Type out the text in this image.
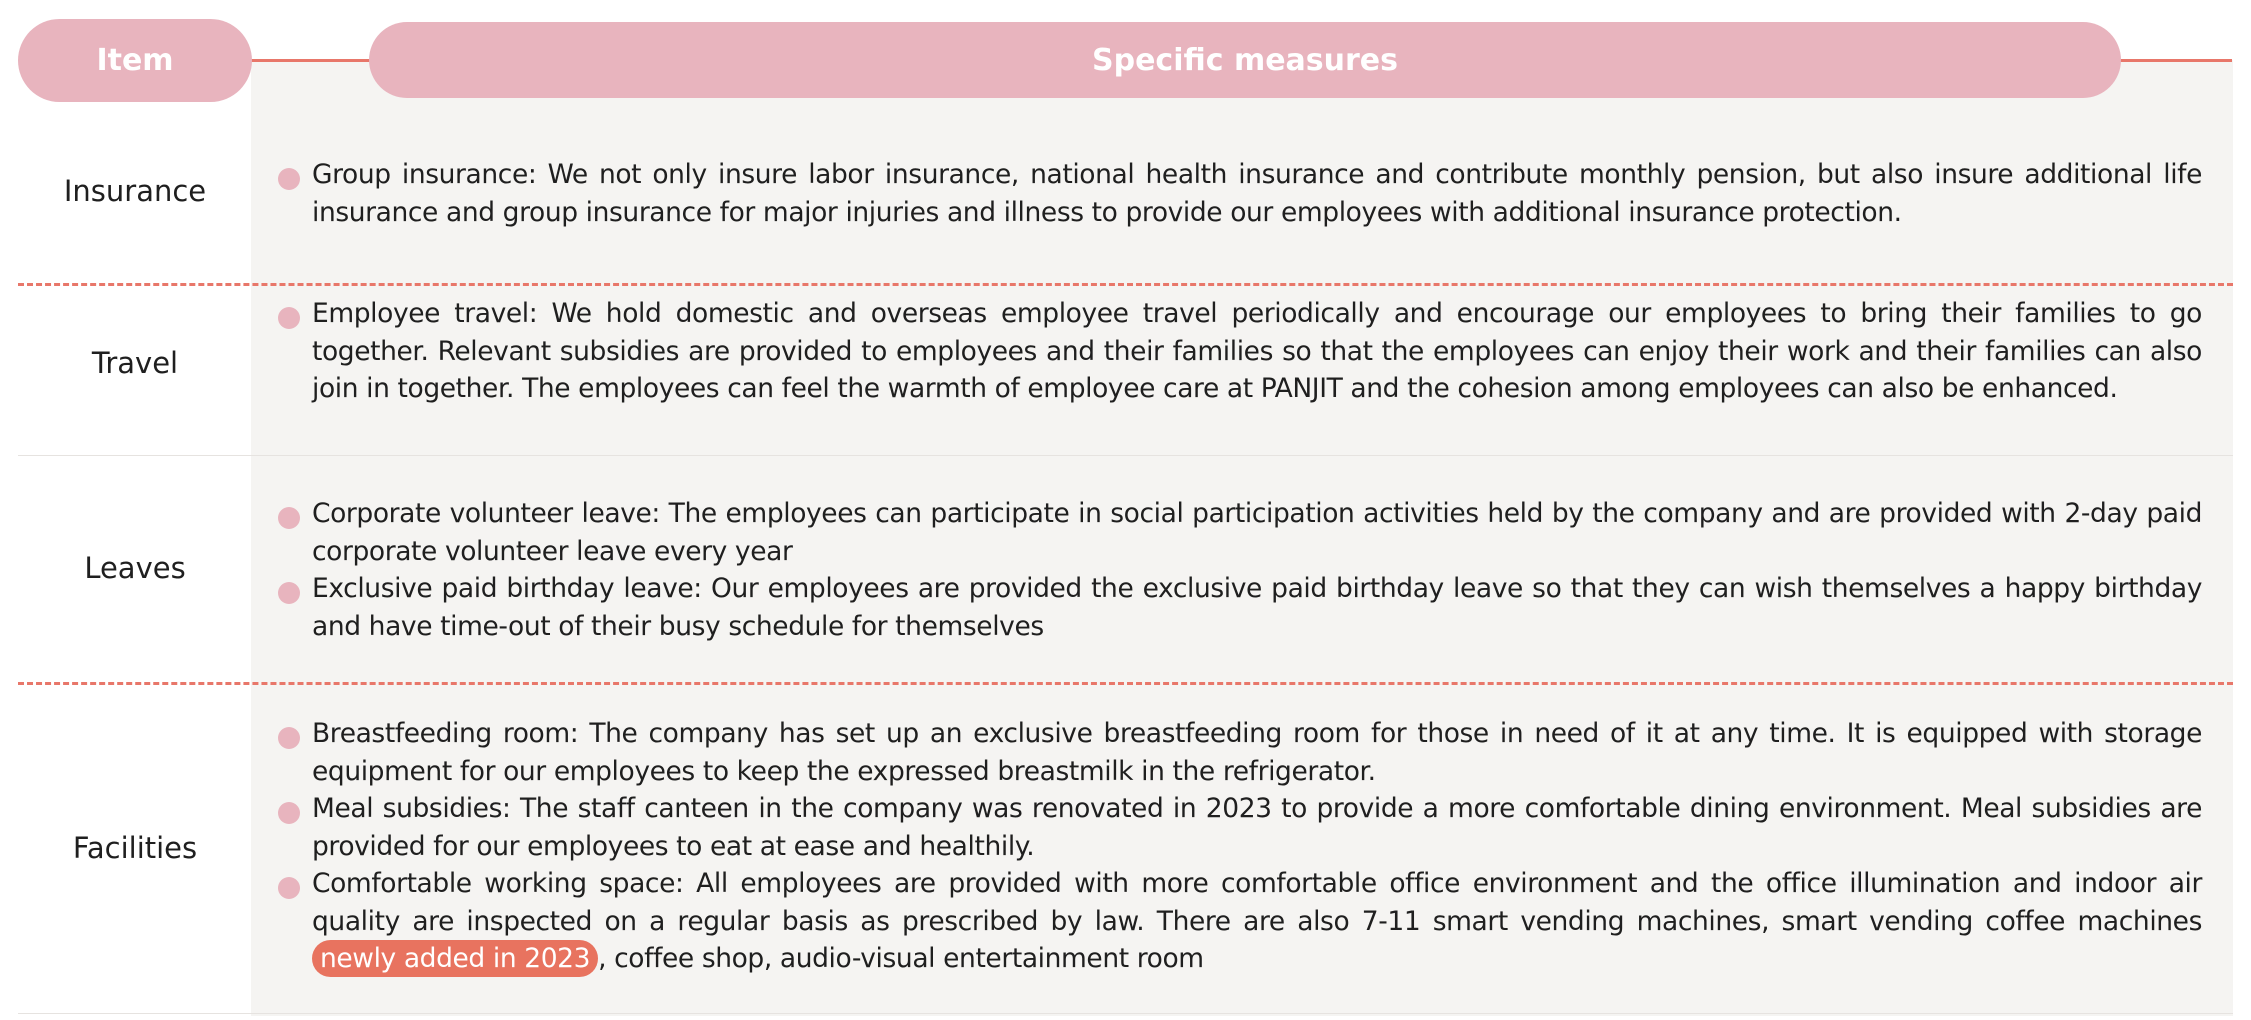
Item	Specific measures
Insurance	Group insurance: We not only insure labor insurance, national health insurance and contribute monthly pension, but also insure additional life insurance and group insurance for major injuries and illness to provide our employees with additional insurance protection.
Travel
Employee travel: We hold domestic and overseas employee travel periodically and encourage our employees to bring their families to go together. Relevant subsidies are provided to employees and their families so that the employees can enjoy their work and their families can also join in together. The employees can feel the warmth of employee care at PANJIT and the cohesion among employees can also be enhanced.
Leaves
Corporate volunteer leave: The employees can participate in social participation activities held by the company and are provided with 2-day paid corporate volunteer leave every year
Exclusive paid birthday leave: Our employees are provided the exclusive paid birthday leave so that they can wish themselves a happy birthday and have time-out of their busy schedule for themselves
Facilities
Breastfeeding room: The company has set up an exclusive breastfeeding room for those in need of it at any time. It is equipped with storage equipment for our employees to keep the expressed breastmilk in the refrigerator.
Meal subsidies: The staff canteen in the company was renovated in 2023 to provide a more comfortable dining environment. Meal subsidies are provided for our employees to eat at ease and healthily.
Comfortable working space: All employees are provided with more comfortable office environment and the office illumination and indoor air quality are inspected on a regular basis as prescribed by law. There are also 7-11 smart vending machines, smart vending coffee machines newly added in 2023 , coffee shop, audio-visual entertainment room
